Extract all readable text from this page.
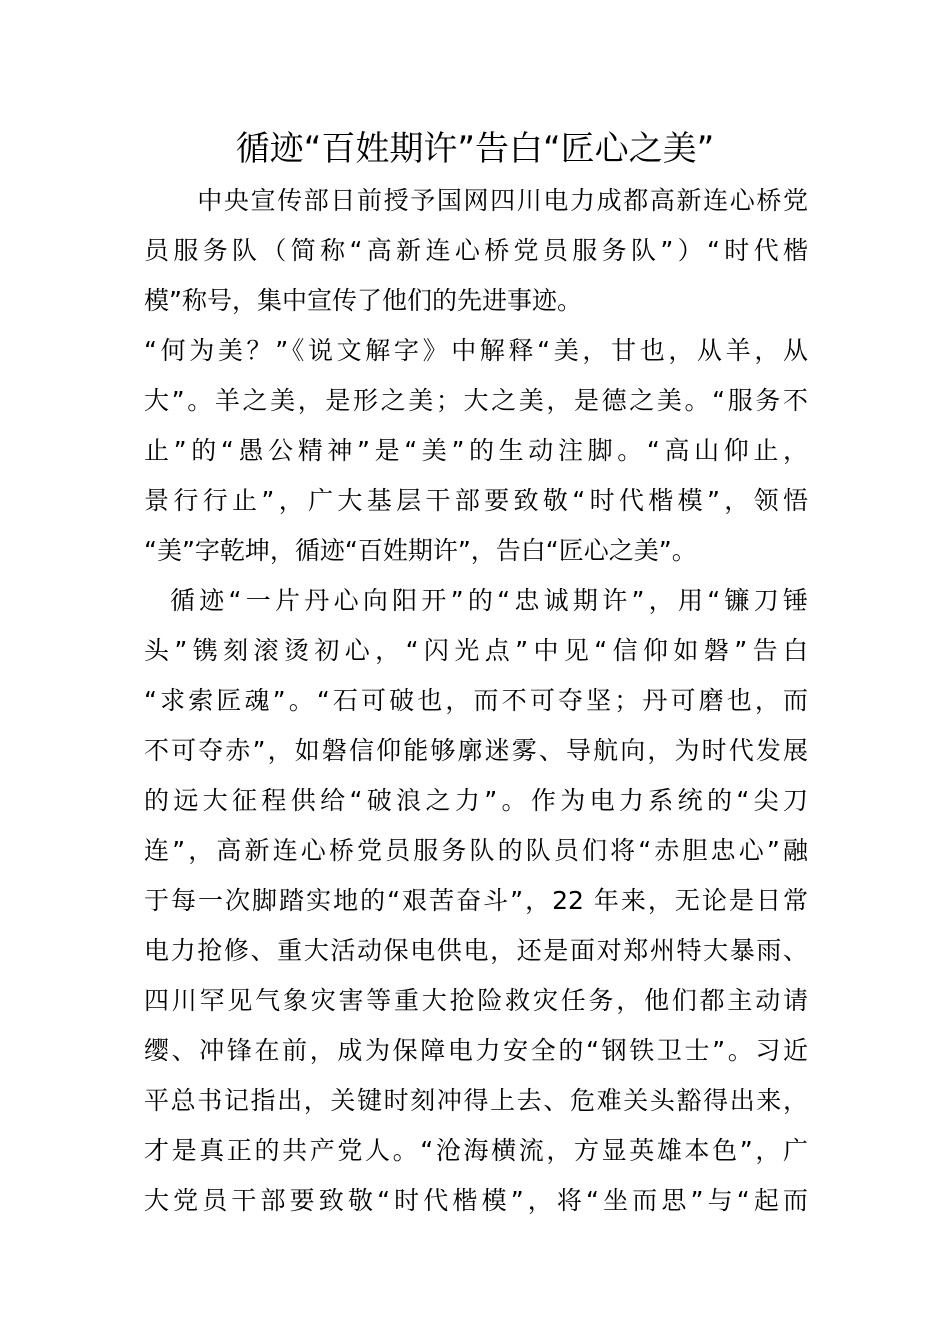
循迹“百姓期许”告白“匠心之美”

　　中央宣传部日前授予国网四川电力成都高新连心桥党

员服务队（简称“高新连心桥党员服务队”）“时代楷

模”称号，集中宣传了他们的先进事迹。

“何为美？”《说文解字》中解释“美，甘也，从羊，从

大”。羊之美，是形之美；大之美，是德之美。“服务不

止”的“愚公精神”是“美”的生动注脚。“高山仰止，

景行行止”，广大基层干部要致敬“时代楷模”，领悟

“美”字乾坤，循迹“百姓期许”，告白“匠心之美”。

循迹“一片丹心向阳开”的“忠诚期许”，用“镰刀锤

头”镌刻滚烫初心，“闪光点”中见“信仰如磐”告白

“求索匠魂”。“石可破也，而不可夺坚；丹可磨也，而

不可夺赤”，如磐信仰能够廓迷雾、导航向，为时代发展

的远大征程供给“破浪之力”。作为电力系统的“尖刀

连”，高新连心桥党员服务队的队员们将“赤胆忠心”融

于每一次脚踏实地的“艰苦奋斗”，22 年来，无论是日常

电力抢修、重大活动保电供电，还是面对郑州特大暴雨、

四川罕见气象灾害等重大抢险救灾任务，他们都主动请

缨、冲锋在前，成为保障电力安全的“钢铁卫士”。习近

平总书记指出，关键时刻冲得上去、危难关头豁得出来，

才是真正的共产党人。“沧海横流，方显英雄本色”，广

大党员干部要致敬“时代楷模”，将“坐而思”与“起而
